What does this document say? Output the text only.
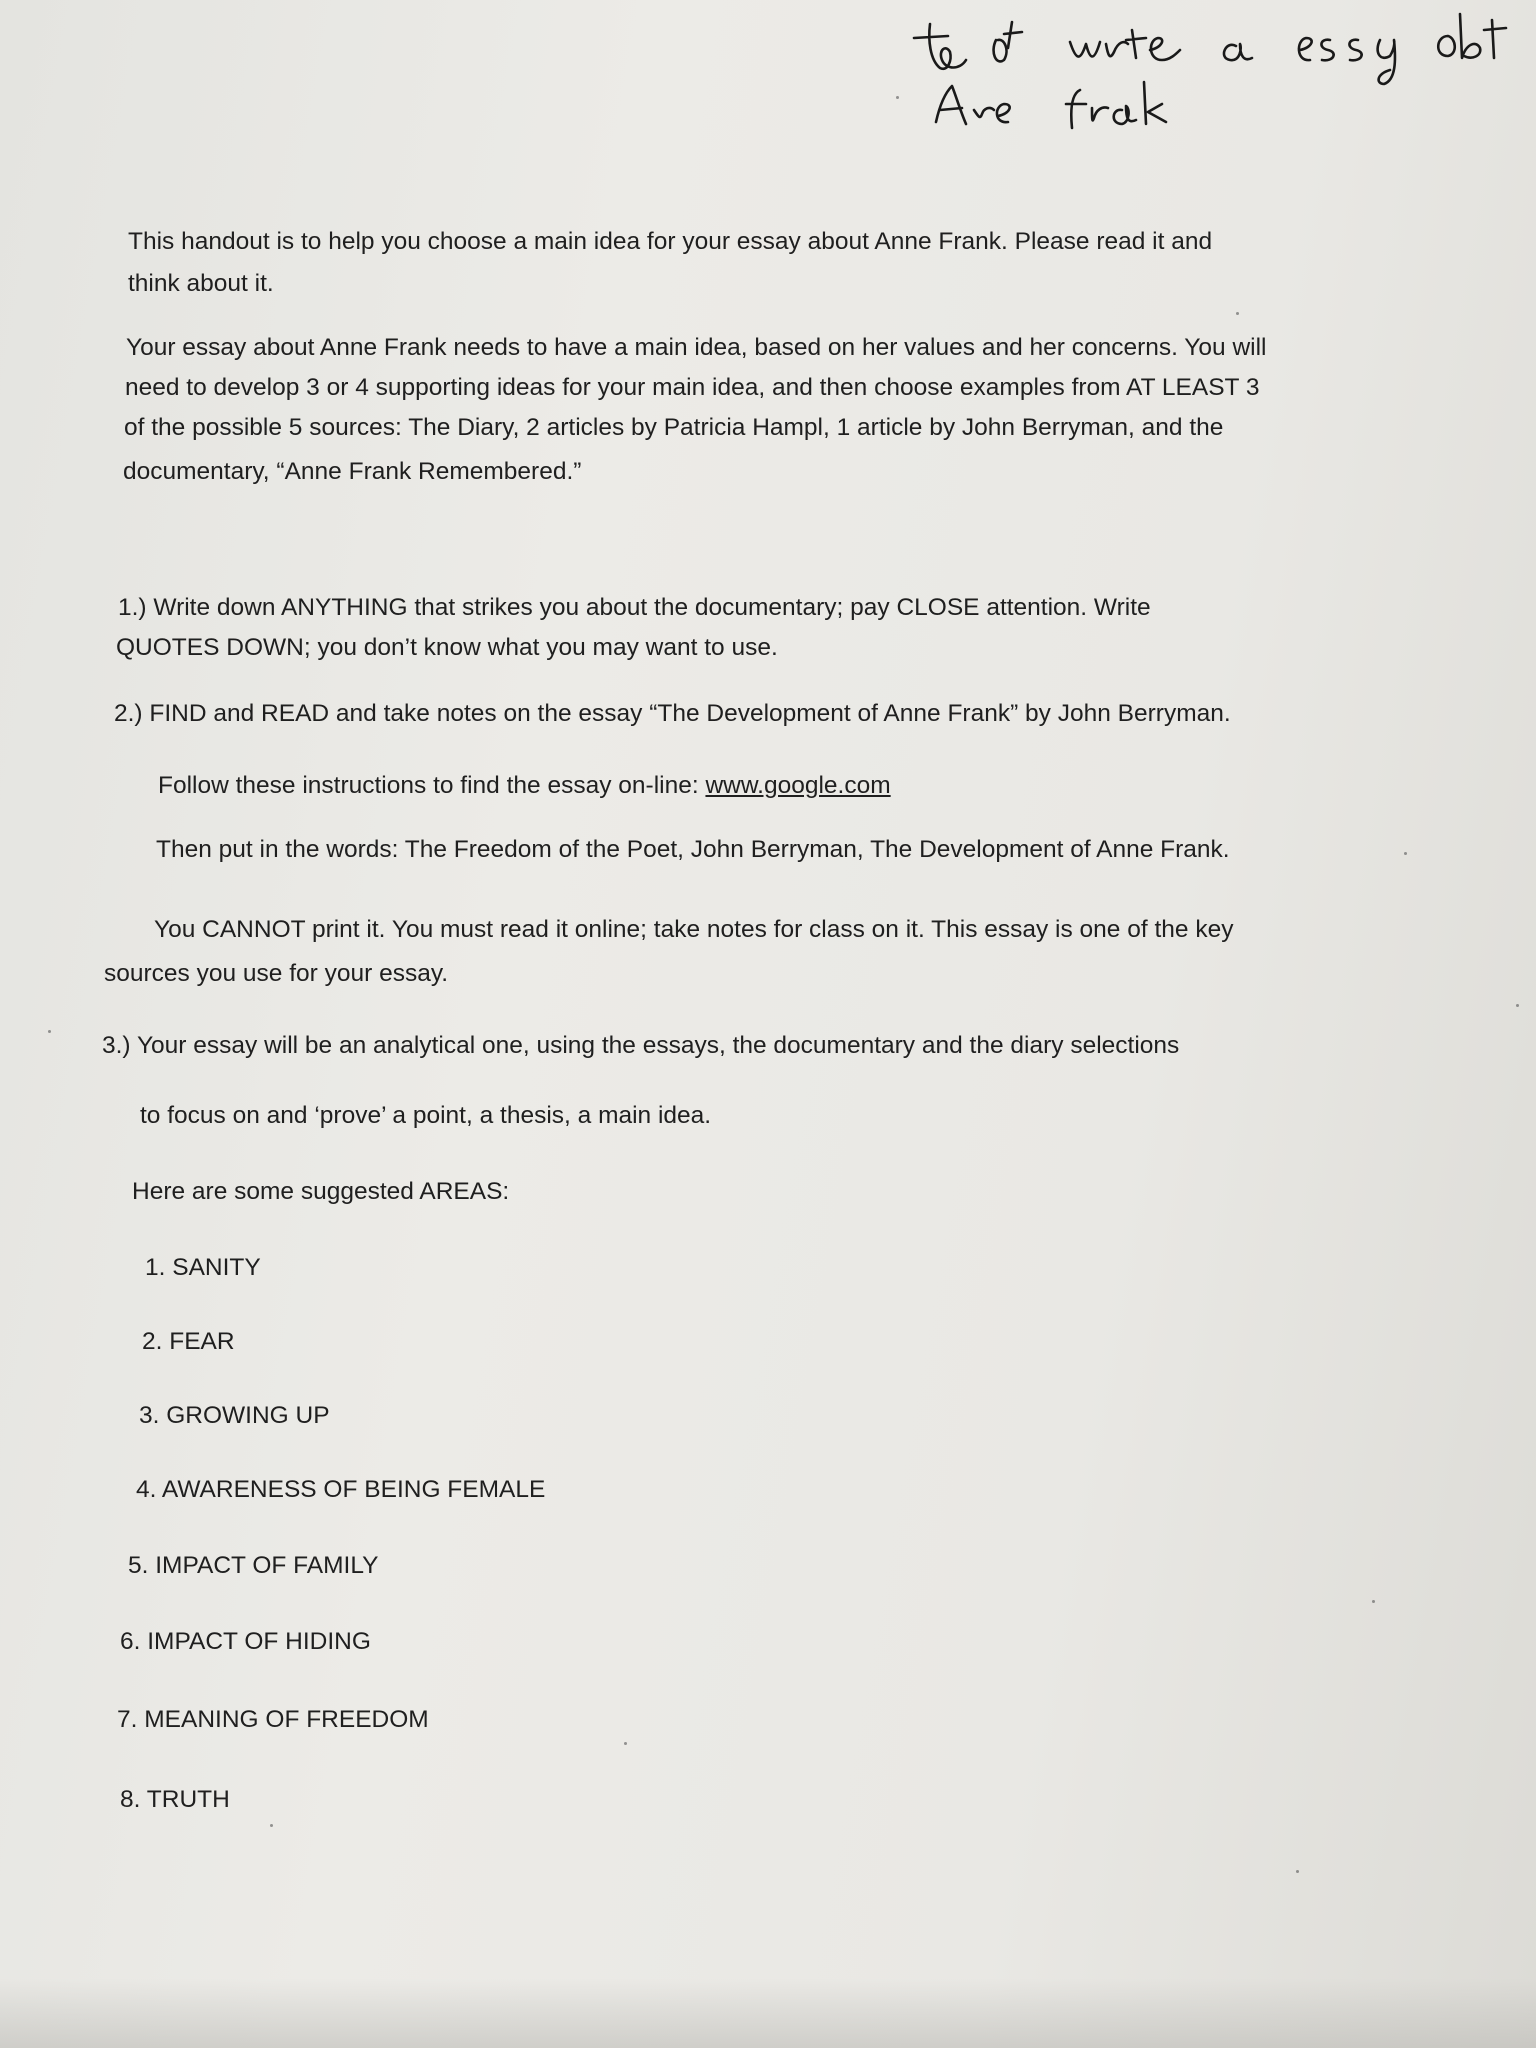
This handout is to help you choose a main idea for your essay about Anne Frank. Please read it and
think about it.
Your essay about Anne Frank needs to have a main idea, based on her values and her concerns. You will
need to develop 3 or 4 supporting ideas for your main idea, and then choose examples from AT LEAST 3
of the possible 5 sources: The Diary, 2 articles by Patricia Hampl, 1 article by John Berryman, and the
documentary, “Anne Frank Remembered.”
1.) Write down ANYTHING that strikes you about the documentary; pay CLOSE attention. Write
QUOTES DOWN; you don’t know what you may want to use.
2.) FIND and READ and take notes on the essay “The Development of Anne Frank” by John Berryman.
Follow these instructions to find the essay on-line: www.google.com
Then put in the words: The Freedom of the Poet, John Berryman, The Development of Anne Frank.
You CANNOT print it. You must read it online; take notes for class on it. This essay is one of the key
sources you use for your essay.
3.) Your essay will be an analytical one, using the essays, the documentary and the diary selections
to focus on and ‘prove’ a point, a thesis, a main idea.
Here are some suggested AREAS:
1. SANITY
2. FEAR
3. GROWING UP
4. AWARENESS OF BEING FEMALE
5. IMPACT OF FAMILY
6. IMPACT OF HIDING
7. MEANING OF FREEDOM
8. TRUTH
